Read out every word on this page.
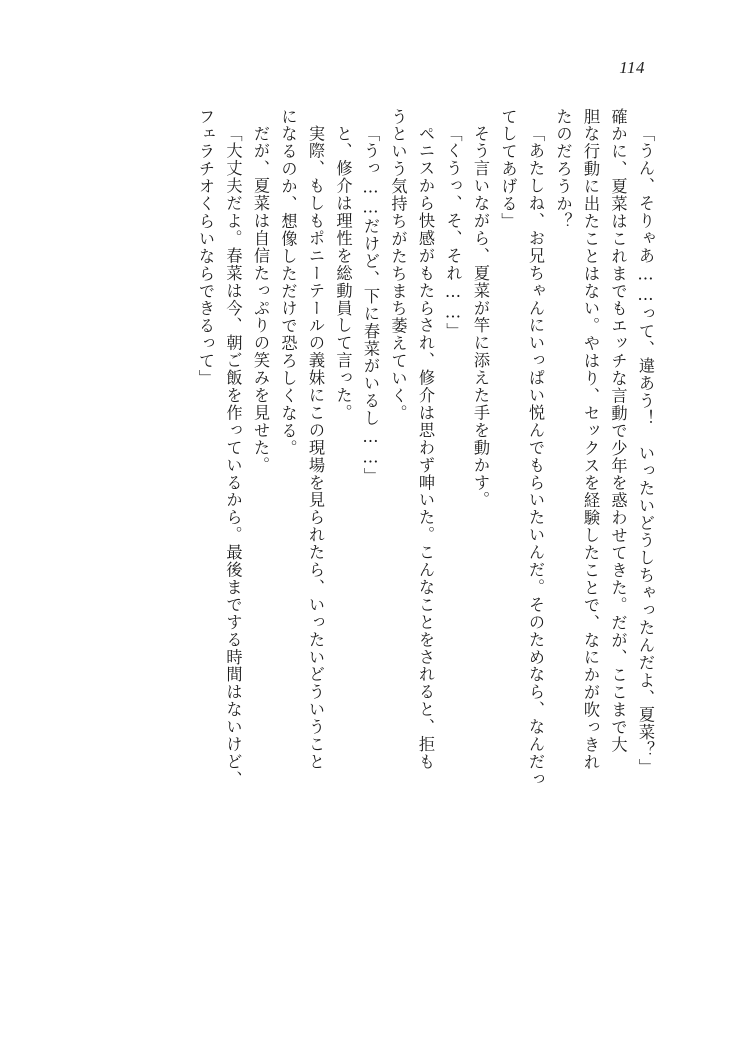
114
「うん、そりゃあ……って、違あう！　いったいどうしちゃったんだよ、夏菜？」
確かに、夏菜はこれまでもエッチな言動で少年を惑わせてきた。だが、ここまで大
胆な行動に出たことはない。やはり、セックスを経験したことで、なにかが吹っきれ
たのだろうか？
「あたしね、お兄ちゃんにいっぱい悦んでもらいたいんだ。そのためなら、なんだっ
てしてあげる」
そう言いながら、夏菜が竿に添えた手を動かす。
「くうっ、そ、それ……」
ペニスから快感がもたらされ、修介は思わず呻いた。こんなことをされると、拒も
うという気持ちがたちまち萎えていく。
「うっ……だけど、下に春菜がいるし……」
と、修介は理性を総動員して言った。
実際、もしもポニーテールの義妹にこの現場を見られたら、いったいどういうこと
になるのか、想像しただけで恐ろしくなる。
だが、夏菜は自信たっぷりの笑みを見せた。
「大丈夫だよ。春菜は今、朝ご飯を作っているから。最後までする時間はないけど、
フェラチオくらいならできるって」
